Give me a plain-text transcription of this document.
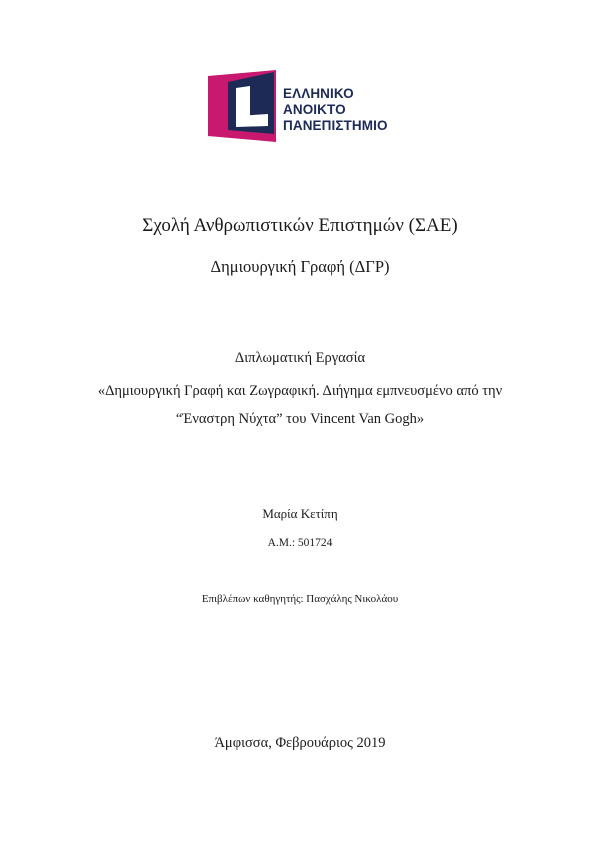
ΕΛΛΗΝΙΚΟ
ΑΝΟΙΚΤΟ
ΠΑΝΕΠΙΣΤΗΜΙΟ
Σχολή Ανθρωπιστικών Επιστημών (ΣΑΕ)
Δημιουργική Γραφή (ΔΓΡ)
Διπλωματική Εργασία
«Δημιουργική Γραφή και Ζωγραφική. Διήγημα εμπνευσμένο από την
“Έναστρη Νύχτα” του Vincent Van Gogh»
Μαρία Κετίπη
Α.Μ.: 501724
Επιβλέπων καθηγητής: Πασχάλης Νικολάου
Άμφισσα, Φεβρουάριος 2019
